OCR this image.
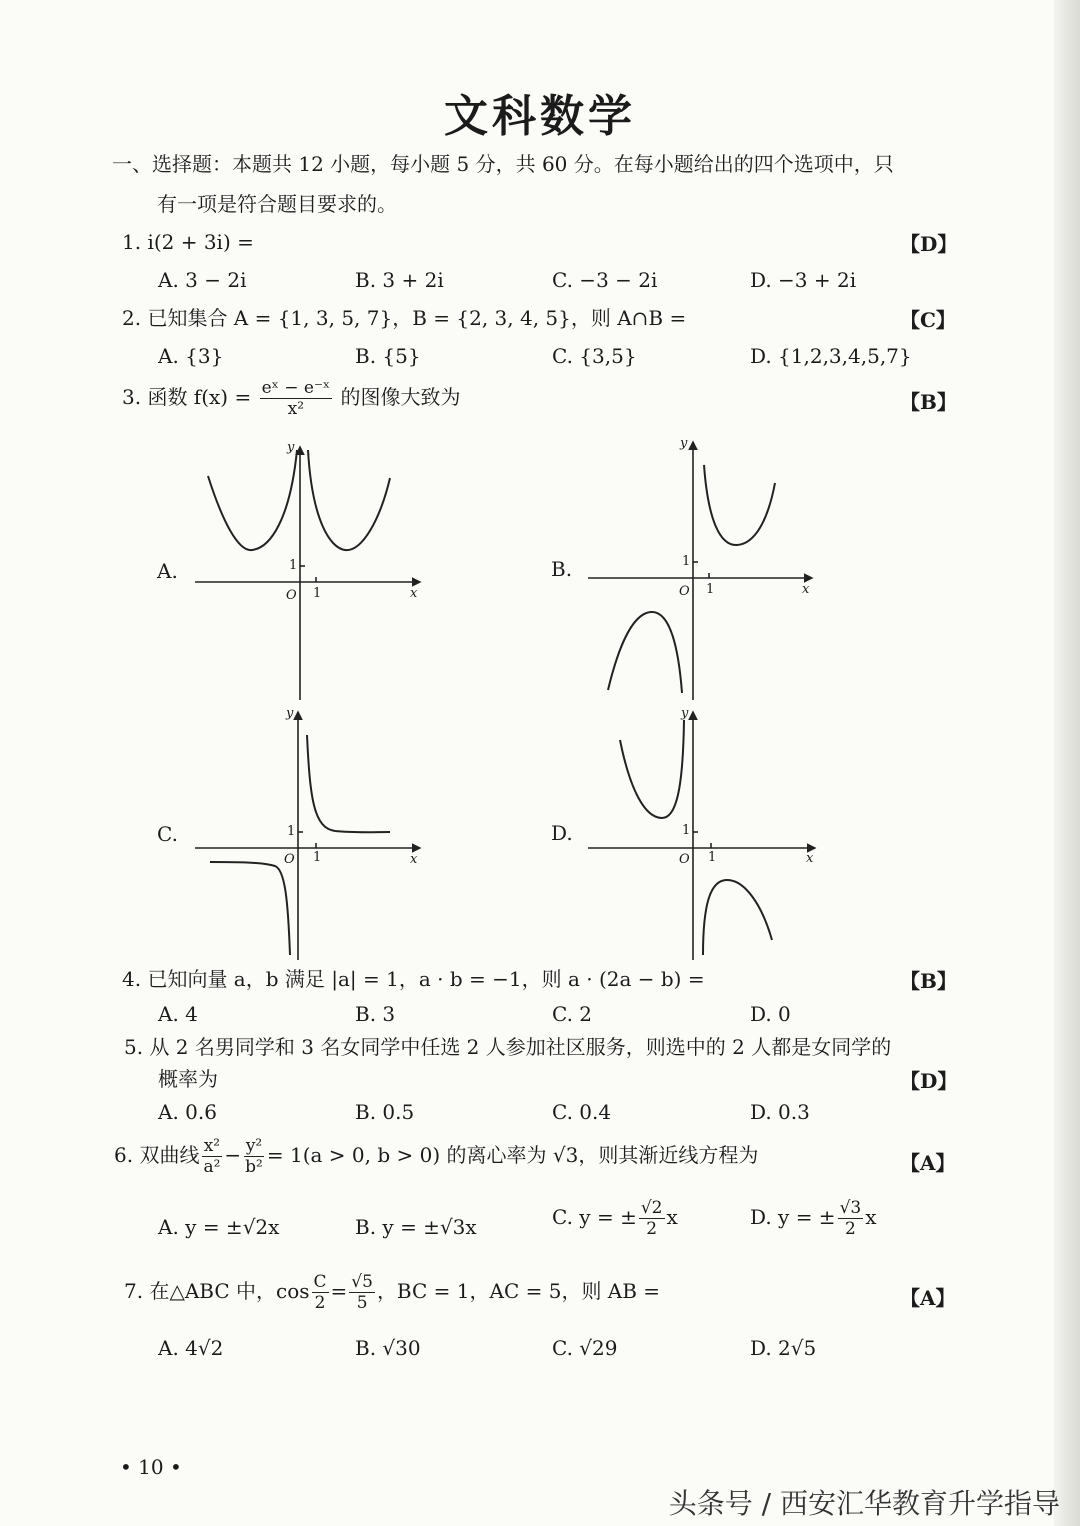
文科数学
一、选择题：本题共 12 小题，每小题 5 分，共 60 分。在每小题给出的四个选项中，只
有一项是符合题目要求的。
1. i(2 + 3i) =	【D】
A. 3 − 2i	B. 3 + 2i	C. −3 − 2i	D. −3 + 2i
2. 已知集合 A = {1, 3, 5, 7}，B = {2, 3, 4, 5}，则 A∩B =	【C】
A. {3}	B. {5}	C. {3,5}	D. {1,2,3,4,5,7}
3. 函数 $f(x) = \frac{\text{eˣ − e⁻ˣ}}{\text{x²}}$ 的图像大致为	【B】
A.
y
x
O 1
1	B.
y
x
O 1
1
C.
y
x
O 1
1	D.
y
x
O 1
1
4. 已知向量 a，b 满足 |a| = 1，a · b = −1，则 a · (2a − b) =	【B】
A. 4	B. 3	C. 2	D. 0
5. 从 2 名男同学和 3 名女同学中任选 2 人参加社区服务，则选中的 2 人都是女同学的
概率为	【D】
A. 0.6	B. 0.5	C. 0.4	D. 0.3
6. 双曲线 $\frac{\text{x²}}{\text{a²}} - \frac{\text{y²}}{\text{b²}} = 1(a > 0$, b > 0) 的离心率为 √3，则其渐近线方程为	【A】
A. y = ±√2x	B. y = ±√3x	C. y = ± $\frac{√2}{2}$ x	D. y = ± $\frac{√3}{2}$ x
7. 在△ABC 中，$\cos \frac{C}{2} = \frac{√5}{5}$ ，BC = 1，AC = 5，则 AB =	【A】
A. 4√2	B. √30	C. √29	D. 2√5
• 10 •
头条号 / 西安汇华教育升学指导
